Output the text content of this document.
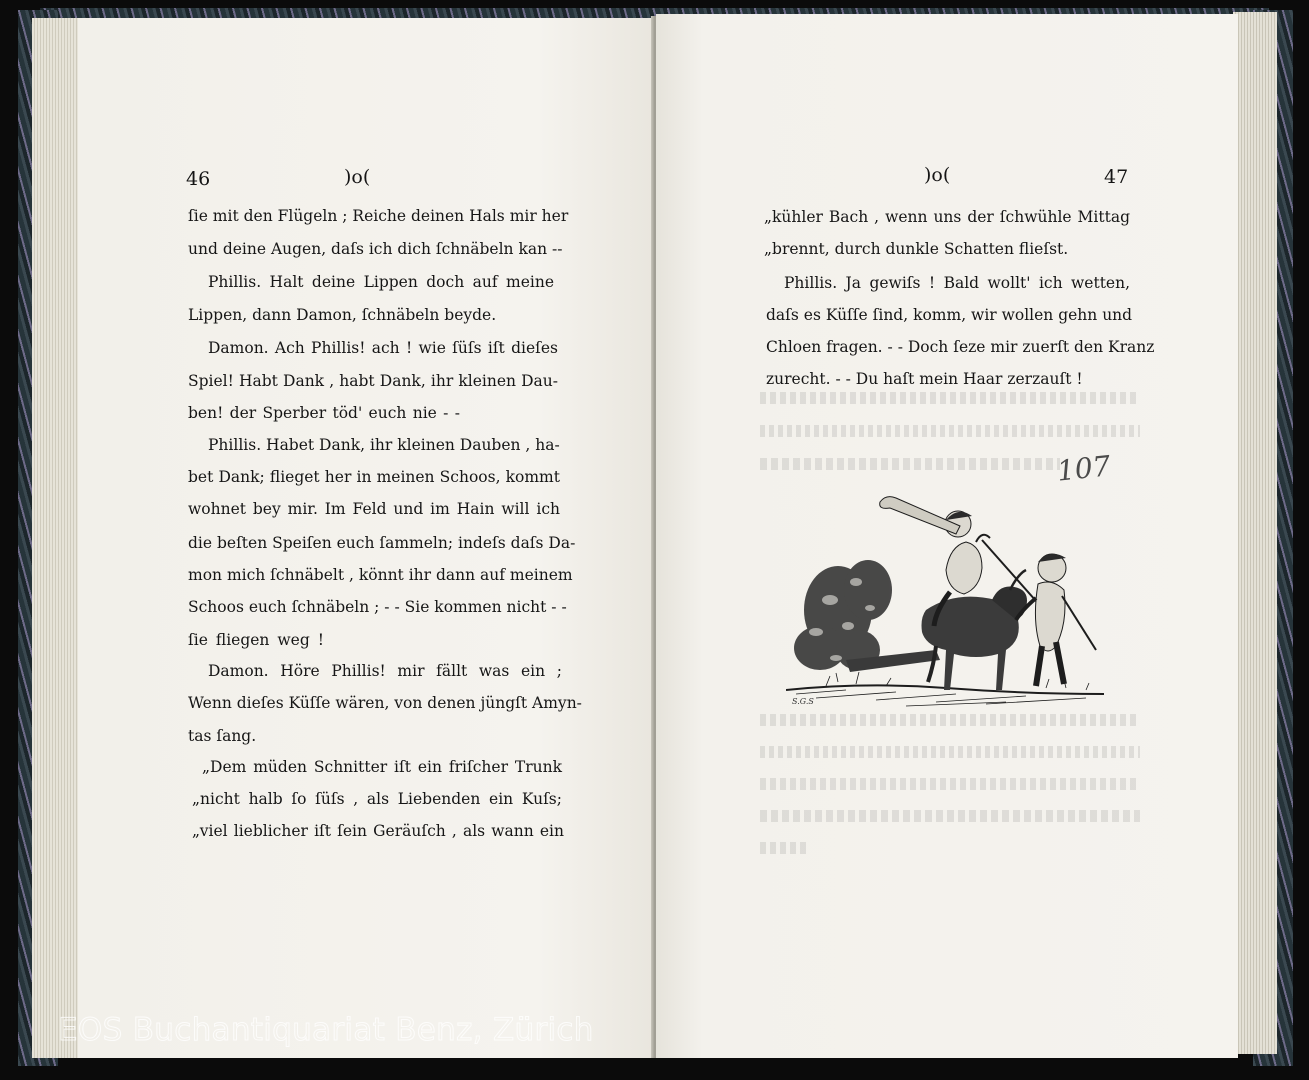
46	)o(
ſie mit den Flügeln ; Reiche deinen Hals mir her
und deine Augen, daſs ich dich ſchnäbeln kan --
Phillis. Halt deine Lippen doch auf meine
Lippen, dann Damon, ſchnäbeln beyde.
Damon. Ach Phillis! ach ! wie ſüſs iſt dieſes
Spiel! Habt Dank , habt Dank, ihr kleinen Dau-
ben! der Sperber töd' euch nie - -
Phillis. Habet Dank, ihr kleinen Dauben , ha-
bet Dank; flieget her in meinen Schoos, kommt
wohnet bey mir. Im Feld und im Hain will ich
die beſten Speiſen euch ſammeln; indeſs daſs Da-
mon mich ſchnäbelt , könnt ihr dann auf meinem
Schoos euch ſchnäbeln ; - - Sie kommen nicht - -
ſie fliegen weg !
Damon. Höre Phillis! mir fällt was ein ;
Wenn dieſes Küſſe wären, von denen jüngſt Amyn-
tas ſang.
„Dem müden Schnitter iſt ein friſcher Trunk
„nicht halb ſo ſüſs , als Liebenden ein Kuſs;
„viel lieblicher iſt ſein Geräuſch , als wann ein
)o(	47
„kühler Bach , wenn uns der ſchwühle Mittag
„brennt, durch dunkle Schatten flieſst.
Phillis. Ja gewiſs ! Bald wollt' ich wetten,
daſs es Küſſe ſind, komm, wir wollen gehn und
Chloen fragen. - - Doch ſeze mir zuerſt den Kranz
zurecht. - - Du haſt mein Haar zerzauſt !
107
S.G.S
EOS Buchantiquariat Benz, Zürich
